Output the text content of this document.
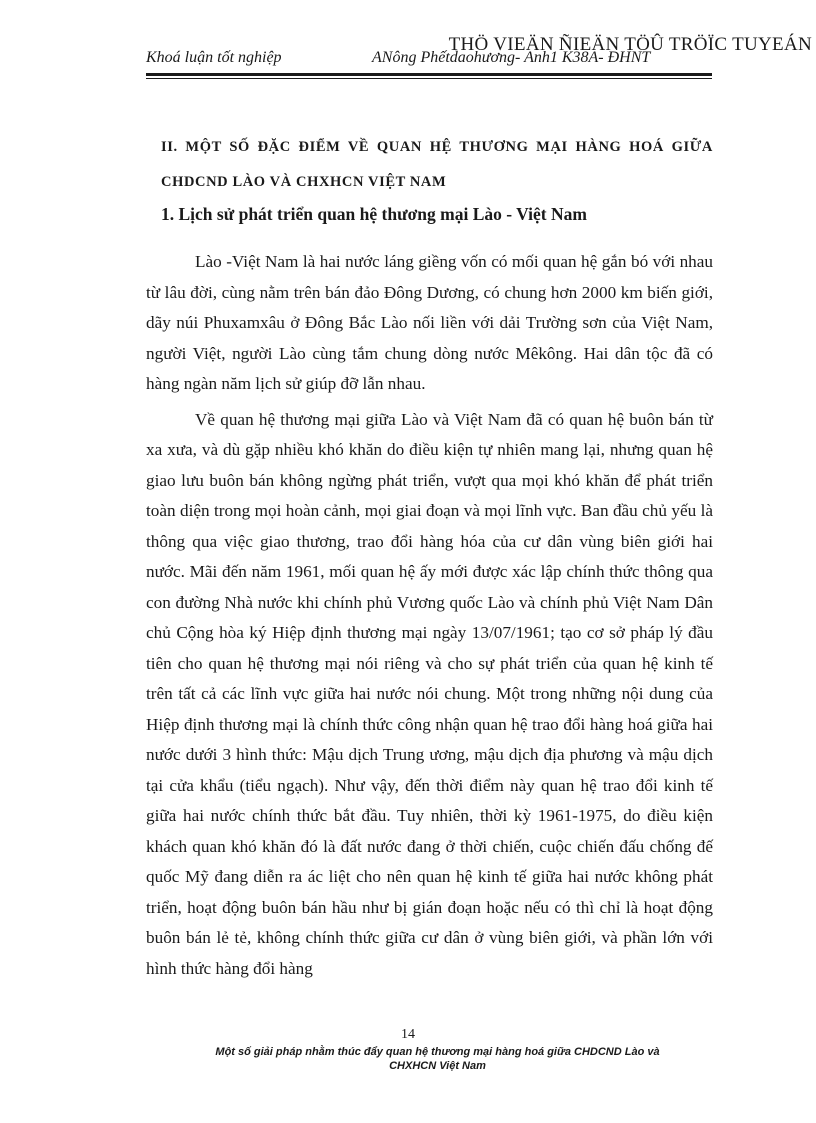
Khoá luận tốt nghiệp	ANông Phếtdaohương- Anh1 K38A- ĐHNT
THÖ VIEÄN ÑIEÄN TÖÛ TRÖÏC TUYEÁN
II. MỘT SỐ ĐẶC ĐIỂM VỀ QUAN HỆ THƯƠNG MẠI HÀNG HOÁ GIỮA CHDCND LÀO VÀ CHXHCN VIỆT NAM
1. Lịch sử phát triển quan hệ thương mại Lào - Việt Nam

Lào -Việt Nam là hai nước láng giềng vốn có mối quan hệ gắn bó với nhau từ lâu đời, cùng nằm trên bán đảo Đông Dương, có chung hơn 2000 km biến giới, dãy núi Phuxamxâu ở Đông Bắc Lào nối liền với dải Trường sơn của Việt Nam, người Việt, người Lào cùng tắm chung dòng nước Mêkông. Hai dân tộc đã có hàng ngàn năm lịch sử giúp đỡ lẫn nhau.

Về quan hệ thương mại giữa Lào và Việt Nam đã có quan hệ buôn bán từ xa xưa, và dù gặp nhiều khó khăn do điều kiện tự nhiên mang lại, nhưng quan hệ giao lưu buôn bán không ngừng phát triển, vượt qua mọi khó khăn để phát triển toàn diện trong mọi hoàn cảnh, mọi giai đoạn và mọi lĩnh vực. Ban đầu chủ yếu là thông qua việc giao thương, trao đổi hàng hóa của cư dân vùng biên giới hai nước. Mãi đến năm 1961, mối quan hệ ấy mới được xác lập chính thức thông qua con đường Nhà nước khi chính phủ Vương quốc Lào và chính phủ Việt Nam Dân chủ Cộng hòa ký Hiệp định thương mại ngày 13/07/1961; tạo cơ sở pháp lý đầu tiên cho quan hệ thương mại nói riêng và cho sự phát triển của quan hệ kinh tế trên tất cả các lĩnh vực giữa hai nước nói chung. Một trong những nội dung của Hiệp định thương mại là chính thức công nhận quan hệ trao đổi hàng hoá giữa hai nước dưới 3 hình thức: Mậu dịch Trung ương, mậu dịch địa phương và mậu dịch tại cửa khẩu (tiểu ngạch). Như vậy, đến thời điểm này quan hệ trao đổi kinh tế giữa hai nước chính thức bắt đầu. Tuy nhiên, thời kỳ 1961-1975, do điều kiện khách quan khó khăn đó là đất nước đang ở thời chiến, cuộc chiến đấu chống đế quốc Mỹ đang diễn ra ác liệt cho nên quan hệ kinh tế giữa hai nước không phát triển, hoạt động buôn bán hầu như bị gián đoạn hoặc nếu có thì chỉ là hoạt động buôn bán lẻ tẻ, không chính thức giữa cư dân ở vùng biên giới, và phần lớn với hình thức hàng đổi hàng

14
Một số giải pháp nhằm thúc đẩy quan hệ thương mại hàng hoá giữa CHDCND Lào và
CHXHCN Việt Nam
